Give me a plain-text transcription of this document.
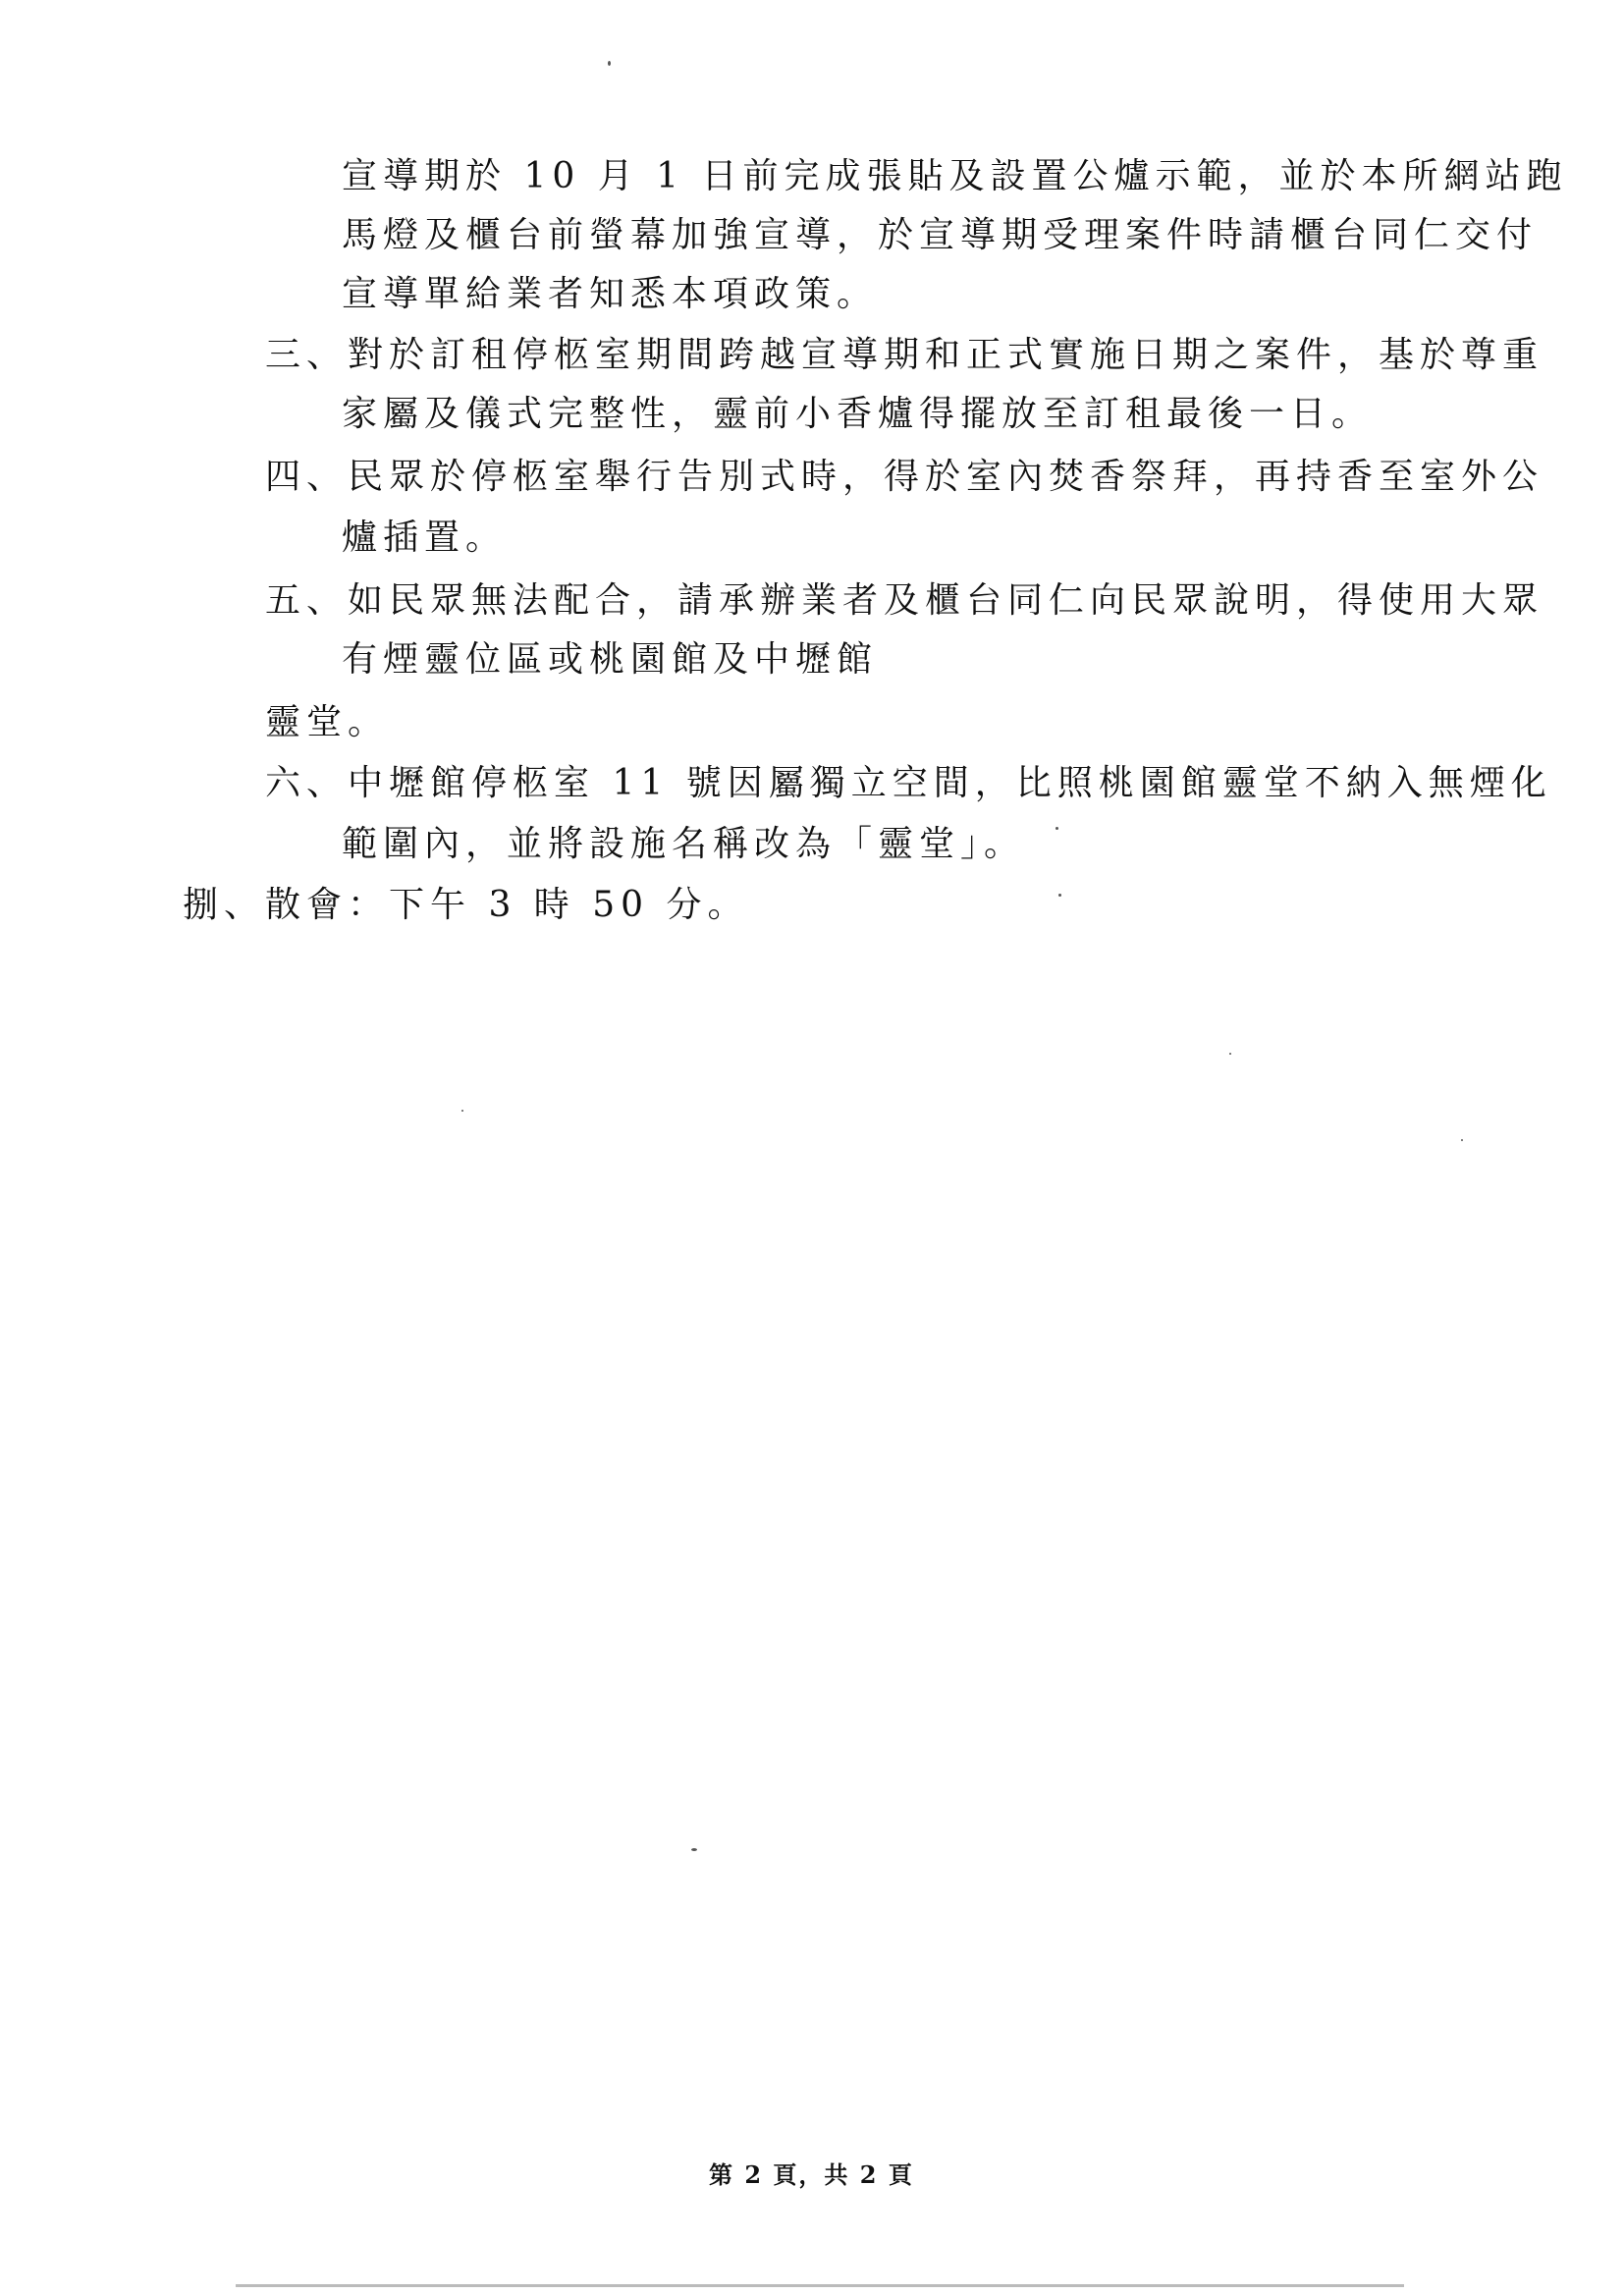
宣導期於 10 月 1 日前完成張貼及設置公爐示範，並於本所網站跑
馬燈及櫃台前螢幕加強宣導，於宣導期受理案件時請櫃台同仁交付
宣導單給業者知悉本項政策。
三、對於訂租停柩室期間跨越宣導期和正式實施日期之案件，基於尊重
家屬及儀式完整性，靈前小香爐得擺放至訂租最後一日。
四、民眾於停柩室舉行告別式時，得於室內焚香祭拜，再持香至室外公
爐插置。
五、如民眾無法配合，請承辦業者及櫃台同仁向民眾說明，得使用大眾
有煙靈位區或桃園館及中壢館
靈堂。
六、中壢館停柩室 11 號因屬獨立空間，比照桃園館靈堂不納入無煙化
範圍內，並將設施名稱改為「靈堂」。
捌、散會：下午 3 時 50 分。
第 2 頁，共 2 頁
